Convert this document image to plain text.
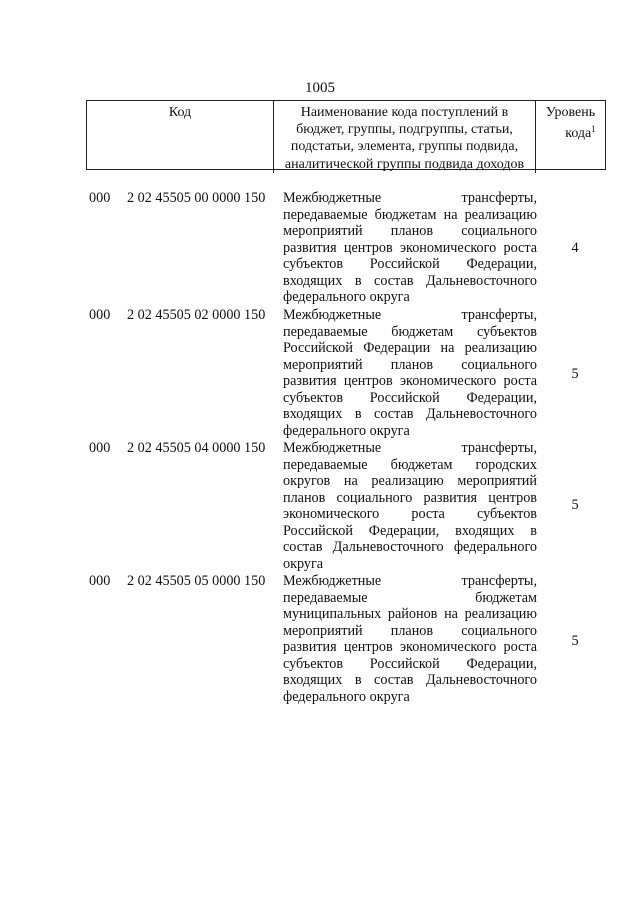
1005
Код	Наименование кода поступлений в
бюджет, группы, подгруппы, статьи,
подстатьи, элемента, группы подвида,
аналитической группы подвида доходов
Уровень
кода$^1$
000 2 02 45505 00 0000 150 Межбюджетные трансферты,
передаваемые бюджетам на реализацию
мероприятий планов социального
развития центров экономического роста
субъектов Российской Федерации,
входящих в состав Дальневосточного
федерального округа
4
000 2 02 45505 02 0000 150 Межбюджетные трансферты,
передаваемые бюджетам субъектов
Российской Федерации на реализацию
мероприятий планов социального
развития центров экономического роста
субъектов Российской Федерации,
входящих в состав Дальневосточного
федерального округа
5
000 2 02 45505 04 0000 150 Межбюджетные трансферты,
передаваемые бюджетам городских
округов на реализацию мероприятий
планов социального развития центров
экономического роста субъектов
Российской Федерации, входящих в
состав Дальневосточного федерального
округа
5
000 2 02 45505 05 0000 150 Межбюджетные трансферты,
передаваемые бюджетам
муниципальных районов на реализацию
мероприятий планов социального
развития центров экономического роста
субъектов Российской Федерации,
входящих в состав Дальневосточного
федерального округа
5
